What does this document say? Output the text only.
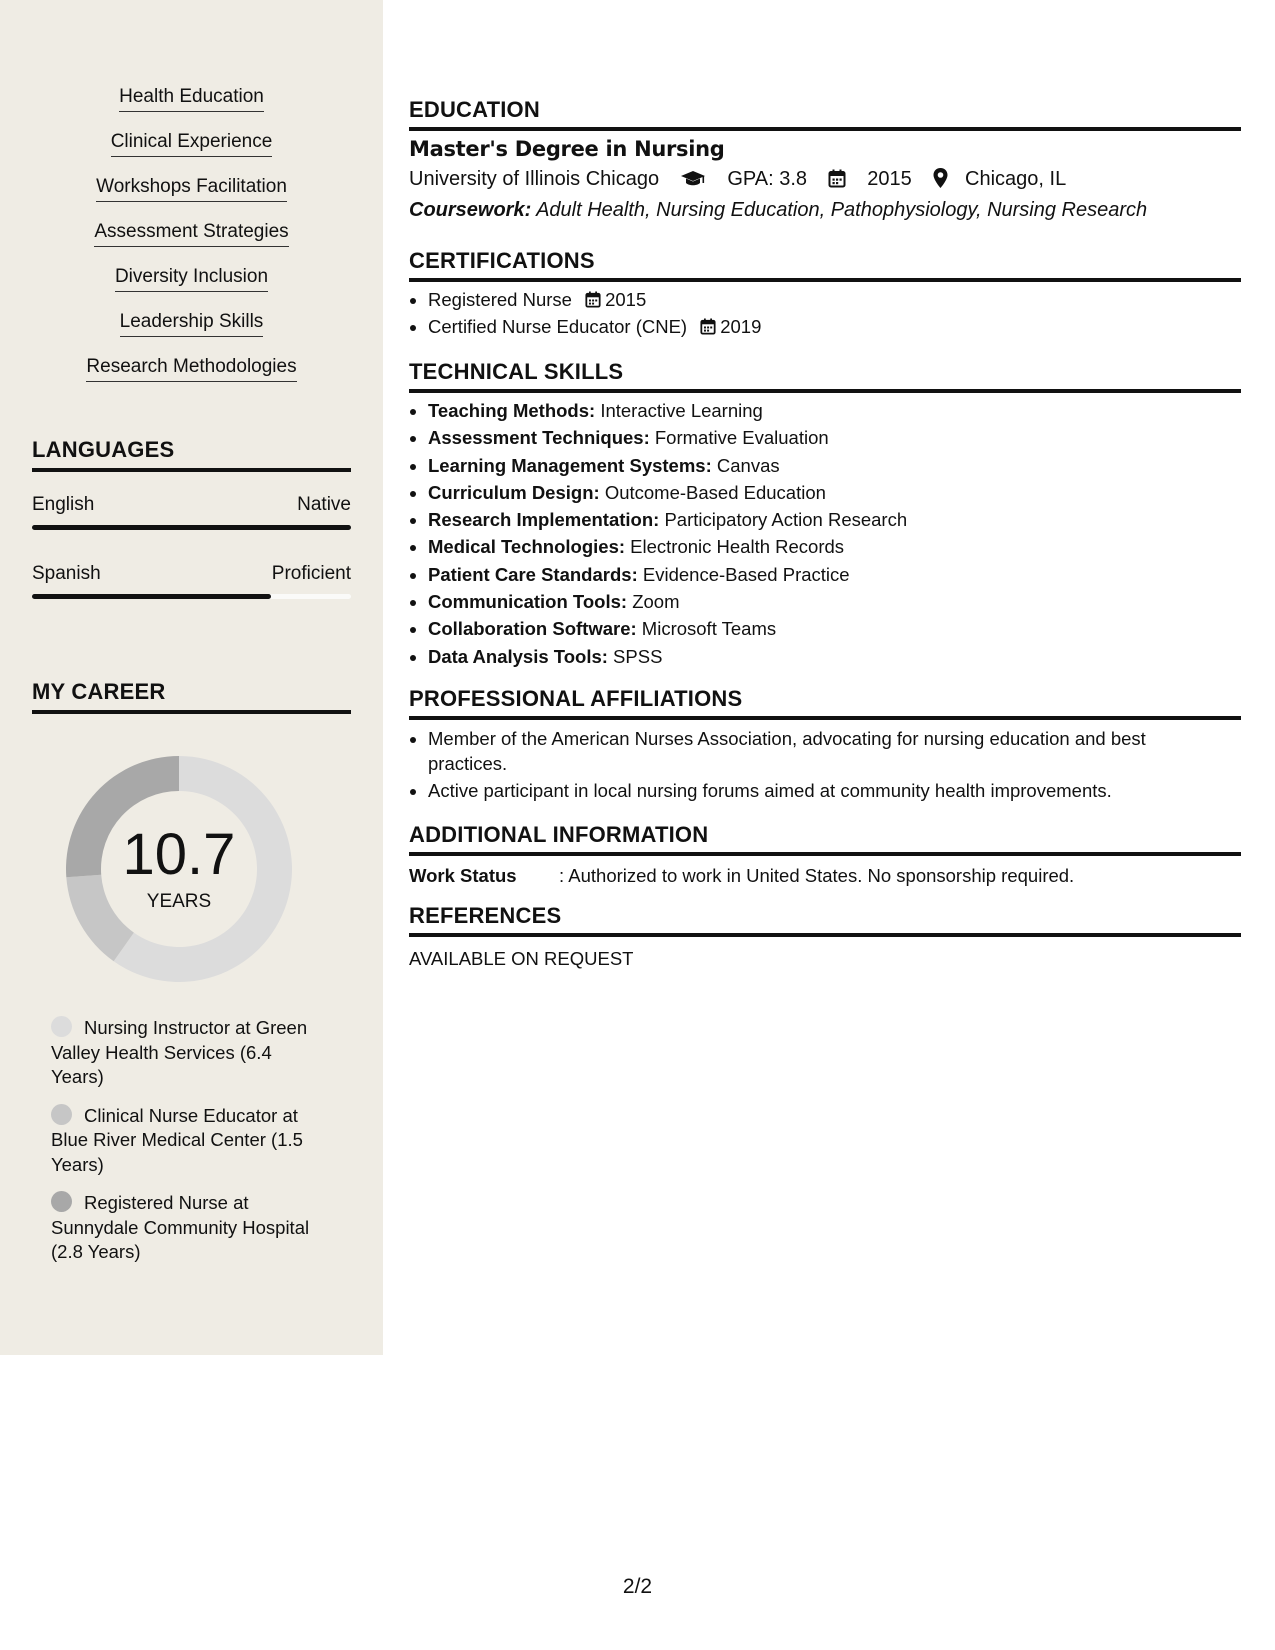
Health Education
Clinical Experience
Workshops Facilitation
Assessment Strategies
Diversity Inclusion
Leadership Skills
Research Methodologies
LANGUAGES
English	Native
Spanish	Proficient
MY CAREER
10.7
YEARS
Nursing Instructor at Green Valley Health Services (6.4 Years)
Clinical Nurse Educator at Blue River Medical Center (1.5 Years)
Registered Nurse at Sunnydale Community Hospital (2.8 Years)
EDUCATION
Master's Degree in Nursing
University of Illinois Chicago	GPA: 3.8	2015	Chicago, IL
Coursework: Adult Health, Nursing Education, Pathophysiology, Nursing Research
CERTIFICATIONS
• Registered Nurse 2015
• Certified Nurse Educator (CNE) 2019
TECHNICAL SKILLS
• Teaching Methods: Interactive Learning
• Assessment Techniques: Formative Evaluation
• Learning Management Systems: Canvas
• Curriculum Design: Outcome-Based Education
• Research Implementation: Participatory Action Research
• Medical Technologies: Electronic Health Records
• Patient Care Standards: Evidence-Based Practice
• Communication Tools: Zoom
• Collaboration Software: Microsoft Teams
• Data Analysis Tools: SPSS
PROFESSIONAL AFFILIATIONS
• Member of the American Nurses Association, advocating for nursing education and best practices.
• Active participant in local nursing forums aimed at community health improvements.
ADDITIONAL INFORMATION
Work Status : Authorized to work in United States. No sponsorship required.
REFERENCES
AVAILABLE ON REQUEST
2/2
